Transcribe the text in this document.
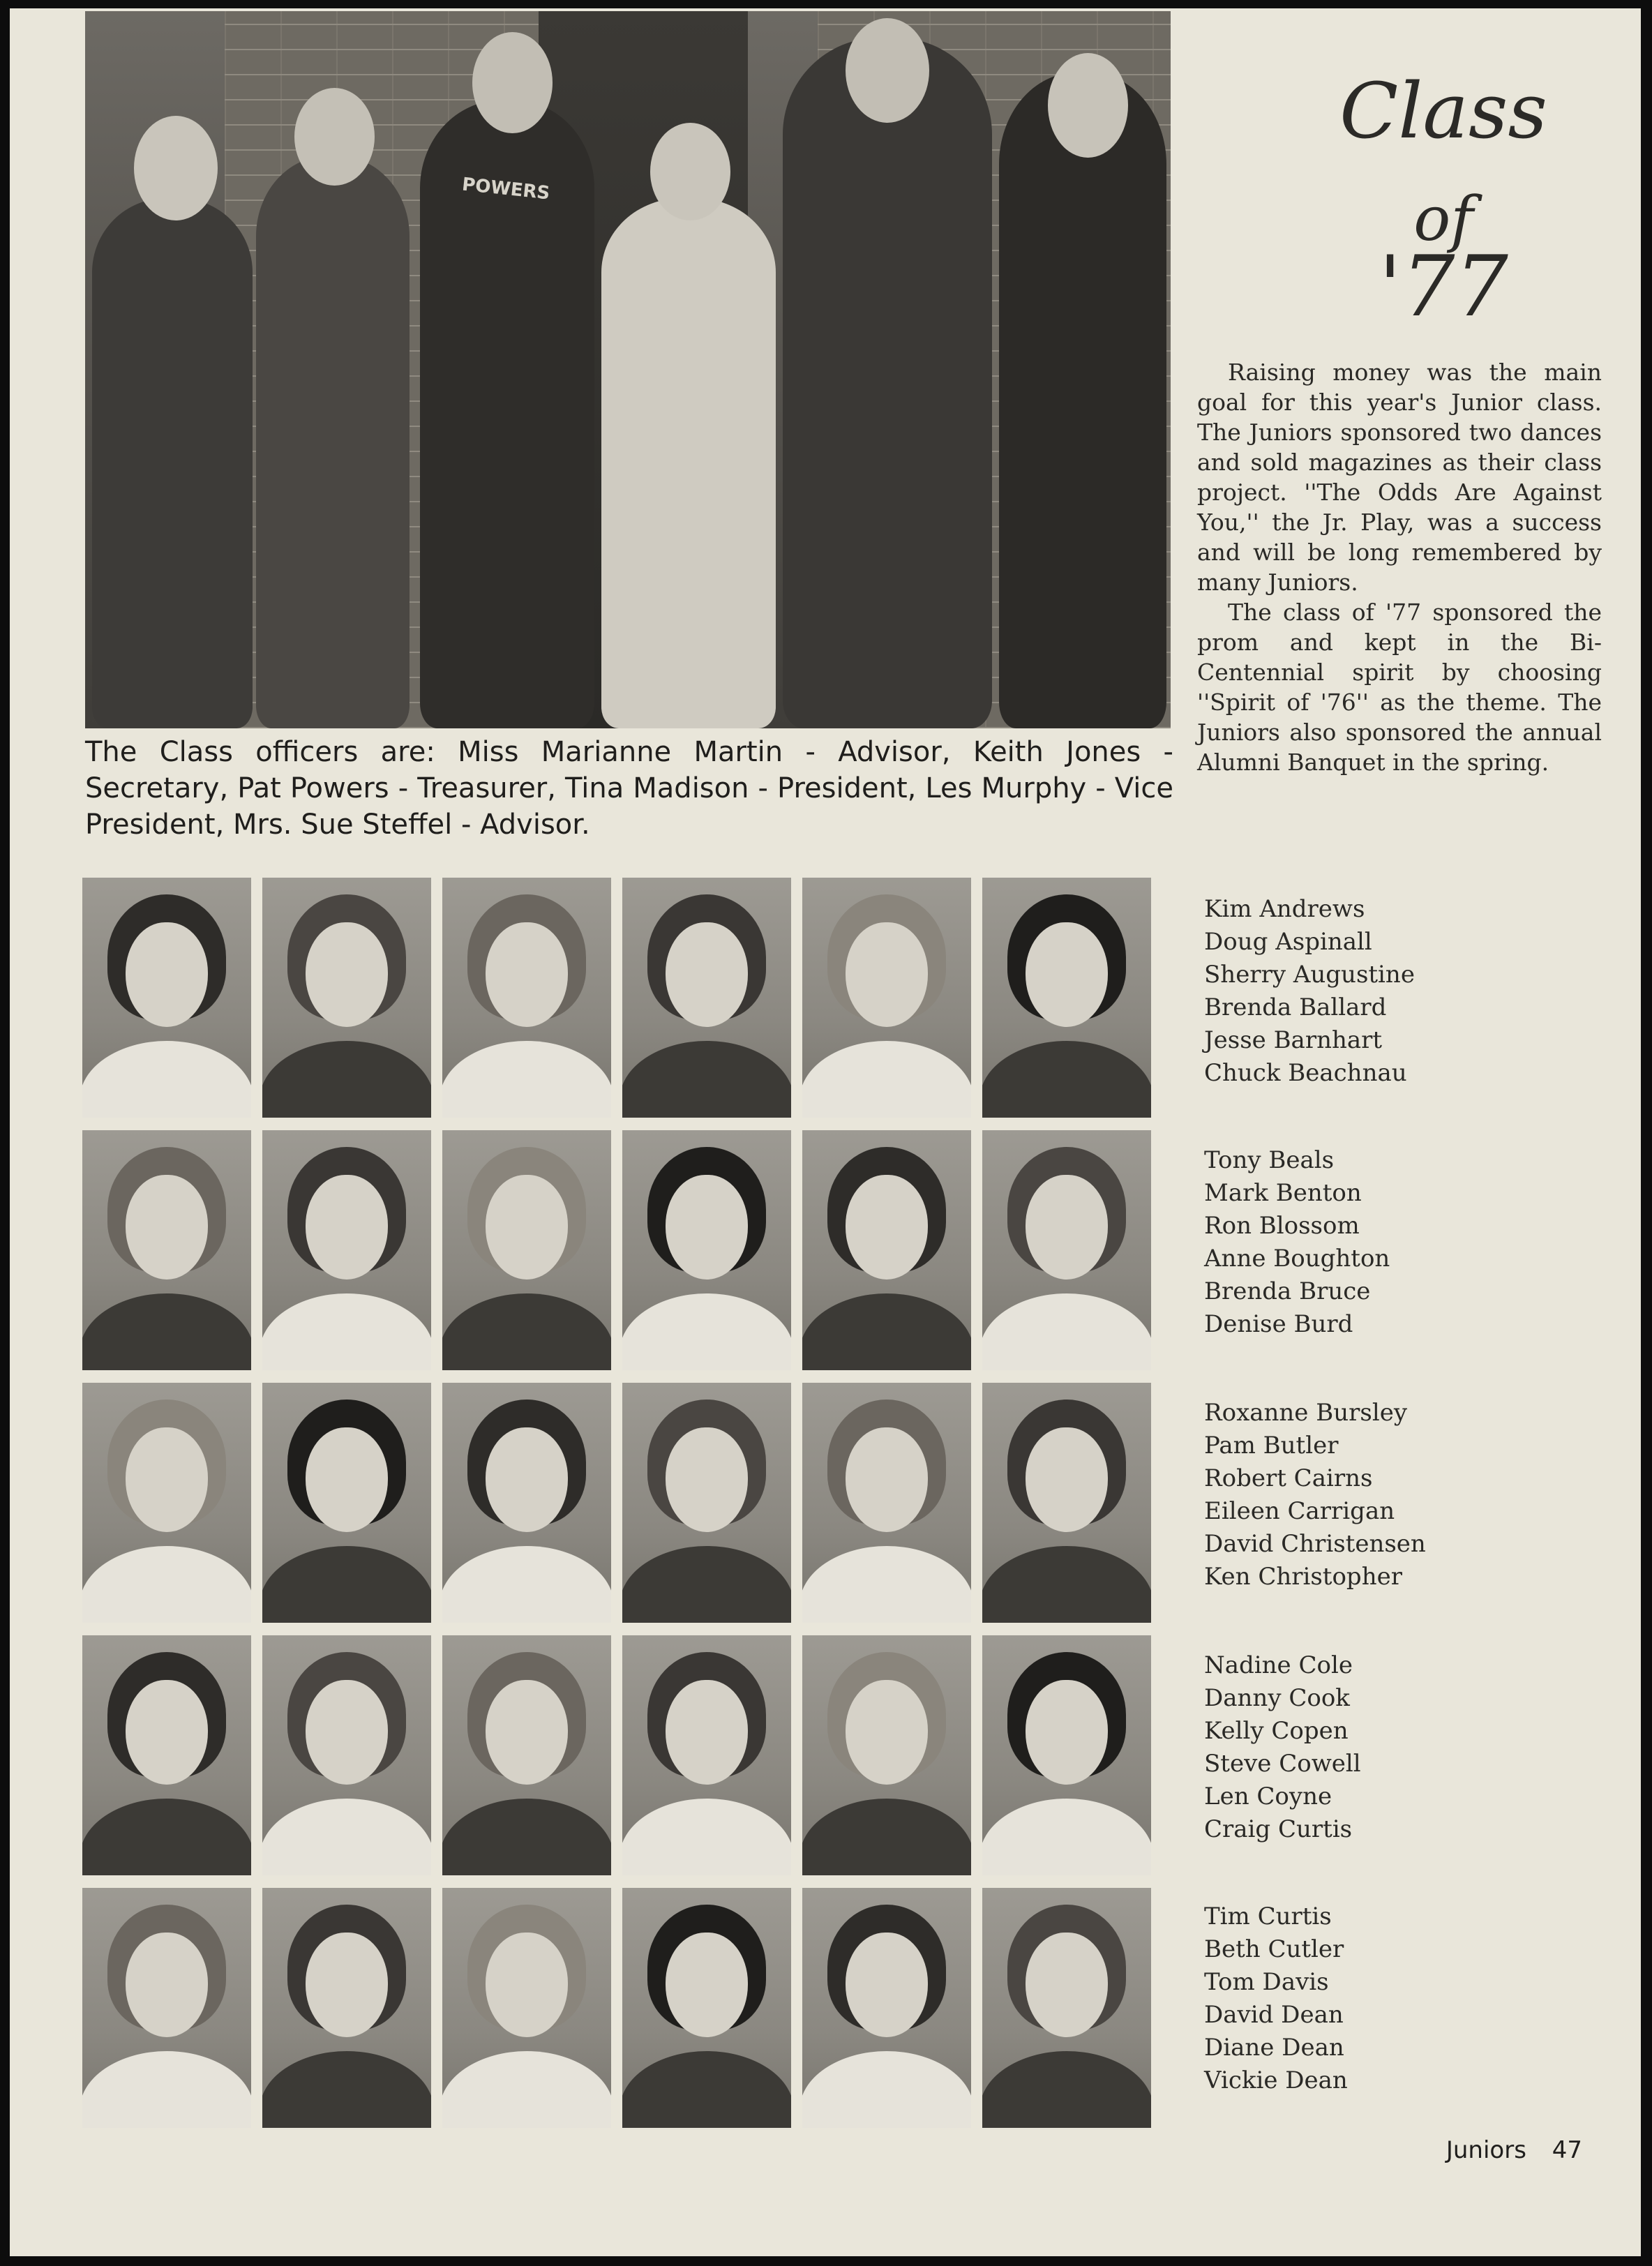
POWERS
Class
of
'77

Raising money was the main goal for this year's Junior class. The Juniors sponsored two dances and sold magazines as their class project. ''The Odds Are Against You,'' the Jr. Play, was a success and will be long remembered by many Juniors.

The class of '77 sponsored the prom and kept in the Bi-Centennial spirit by choosing ''Spirit of '76'' as the theme. The Juniors also sponsored the annual Alumni Banquet in the spring.

The Class officers are: Miss Marianne Martin - Advisor, Keith Jones - Secretary, Pat Powers - Treasurer, Tina Madison - President, Les Murphy - Vice President, Mrs. Sue Steffel - Advisor.
Kim Andrews
Doug Aspinall
Sherry Augustine
Brenda Ballard
Jesse Barnhart
Chuck Beachnau
Tony Beals
Mark Benton
Ron Blossom
Anne Boughton
Brenda Bruce
Denise Burd
Roxanne Bursley
Pam Butler
Robert Cairns
Eileen Carrigan
David Christensen
Ken Christopher
Nadine Cole
Danny Cook
Kelly Copen
Steve Cowell
Len Coyne
Craig Curtis
Tim Curtis
Beth Cutler
Tom Davis
David Dean
Diane Dean
Vickie Dean
Juniors 47
